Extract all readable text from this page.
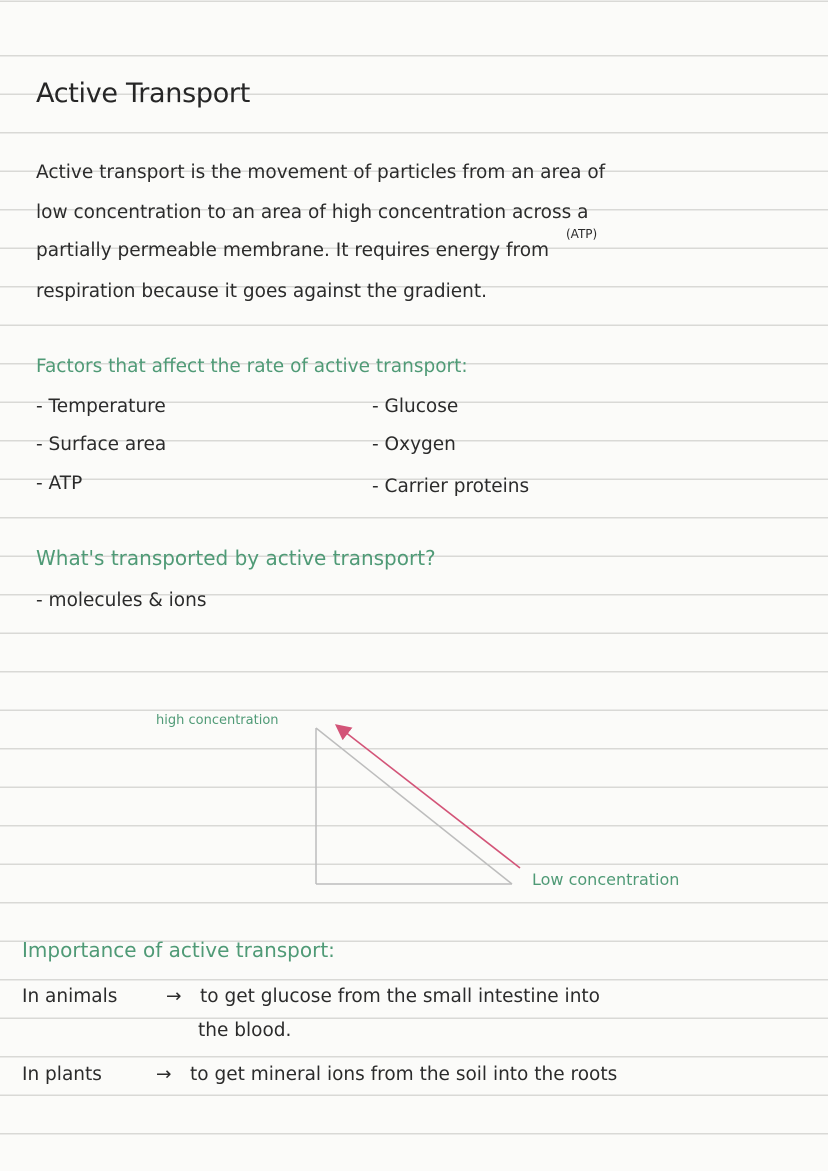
Active Transport
Active transport is the movement of particles from an area of
low concentration to an area of high concentration across a
(ATP)
partially permeable membrane. It requires energy from
respiration because it goes against the gradient.
Factors that affect the rate of active transport:
- Temperature
- Surface area
- ATP
- Glucose
- Oxygen
- Carrier proteins
What's transported by active transport?
- molecules & ions
high concentration
Low concentration
Importance of active transport:
In animals	→ to get glucose from the small intestine into
the blood.
In plants	→ to get mineral ions from the soil into the roots
